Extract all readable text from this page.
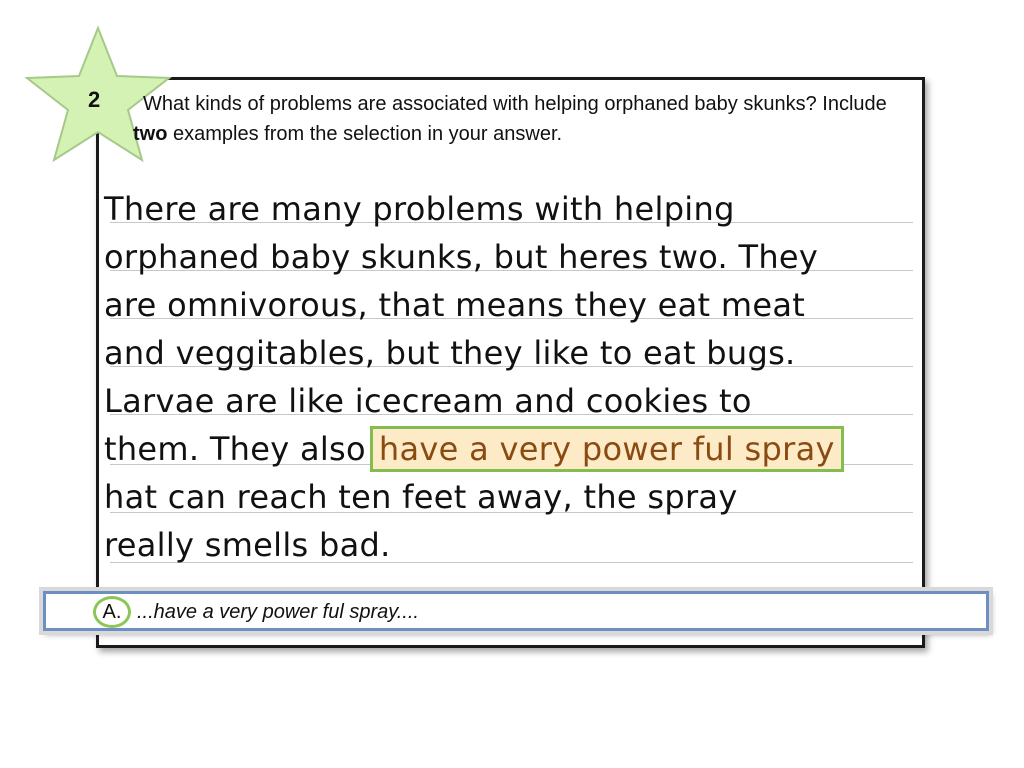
2	What kinds of problems are associated with helping orphaned baby skunks? Include two examples from the selection in your answer.
There are many problems with helping
orphaned baby skunks, but heres two. They
are omnivorous, that means they eat meat
and veggitables, but they like to eat bugs.
Larvae are like icecream and cookies to
them. They also have a very power ful spray
hat can reach ten feet away, the spray
really smells bad.
A. ...have a very power ful spray....
